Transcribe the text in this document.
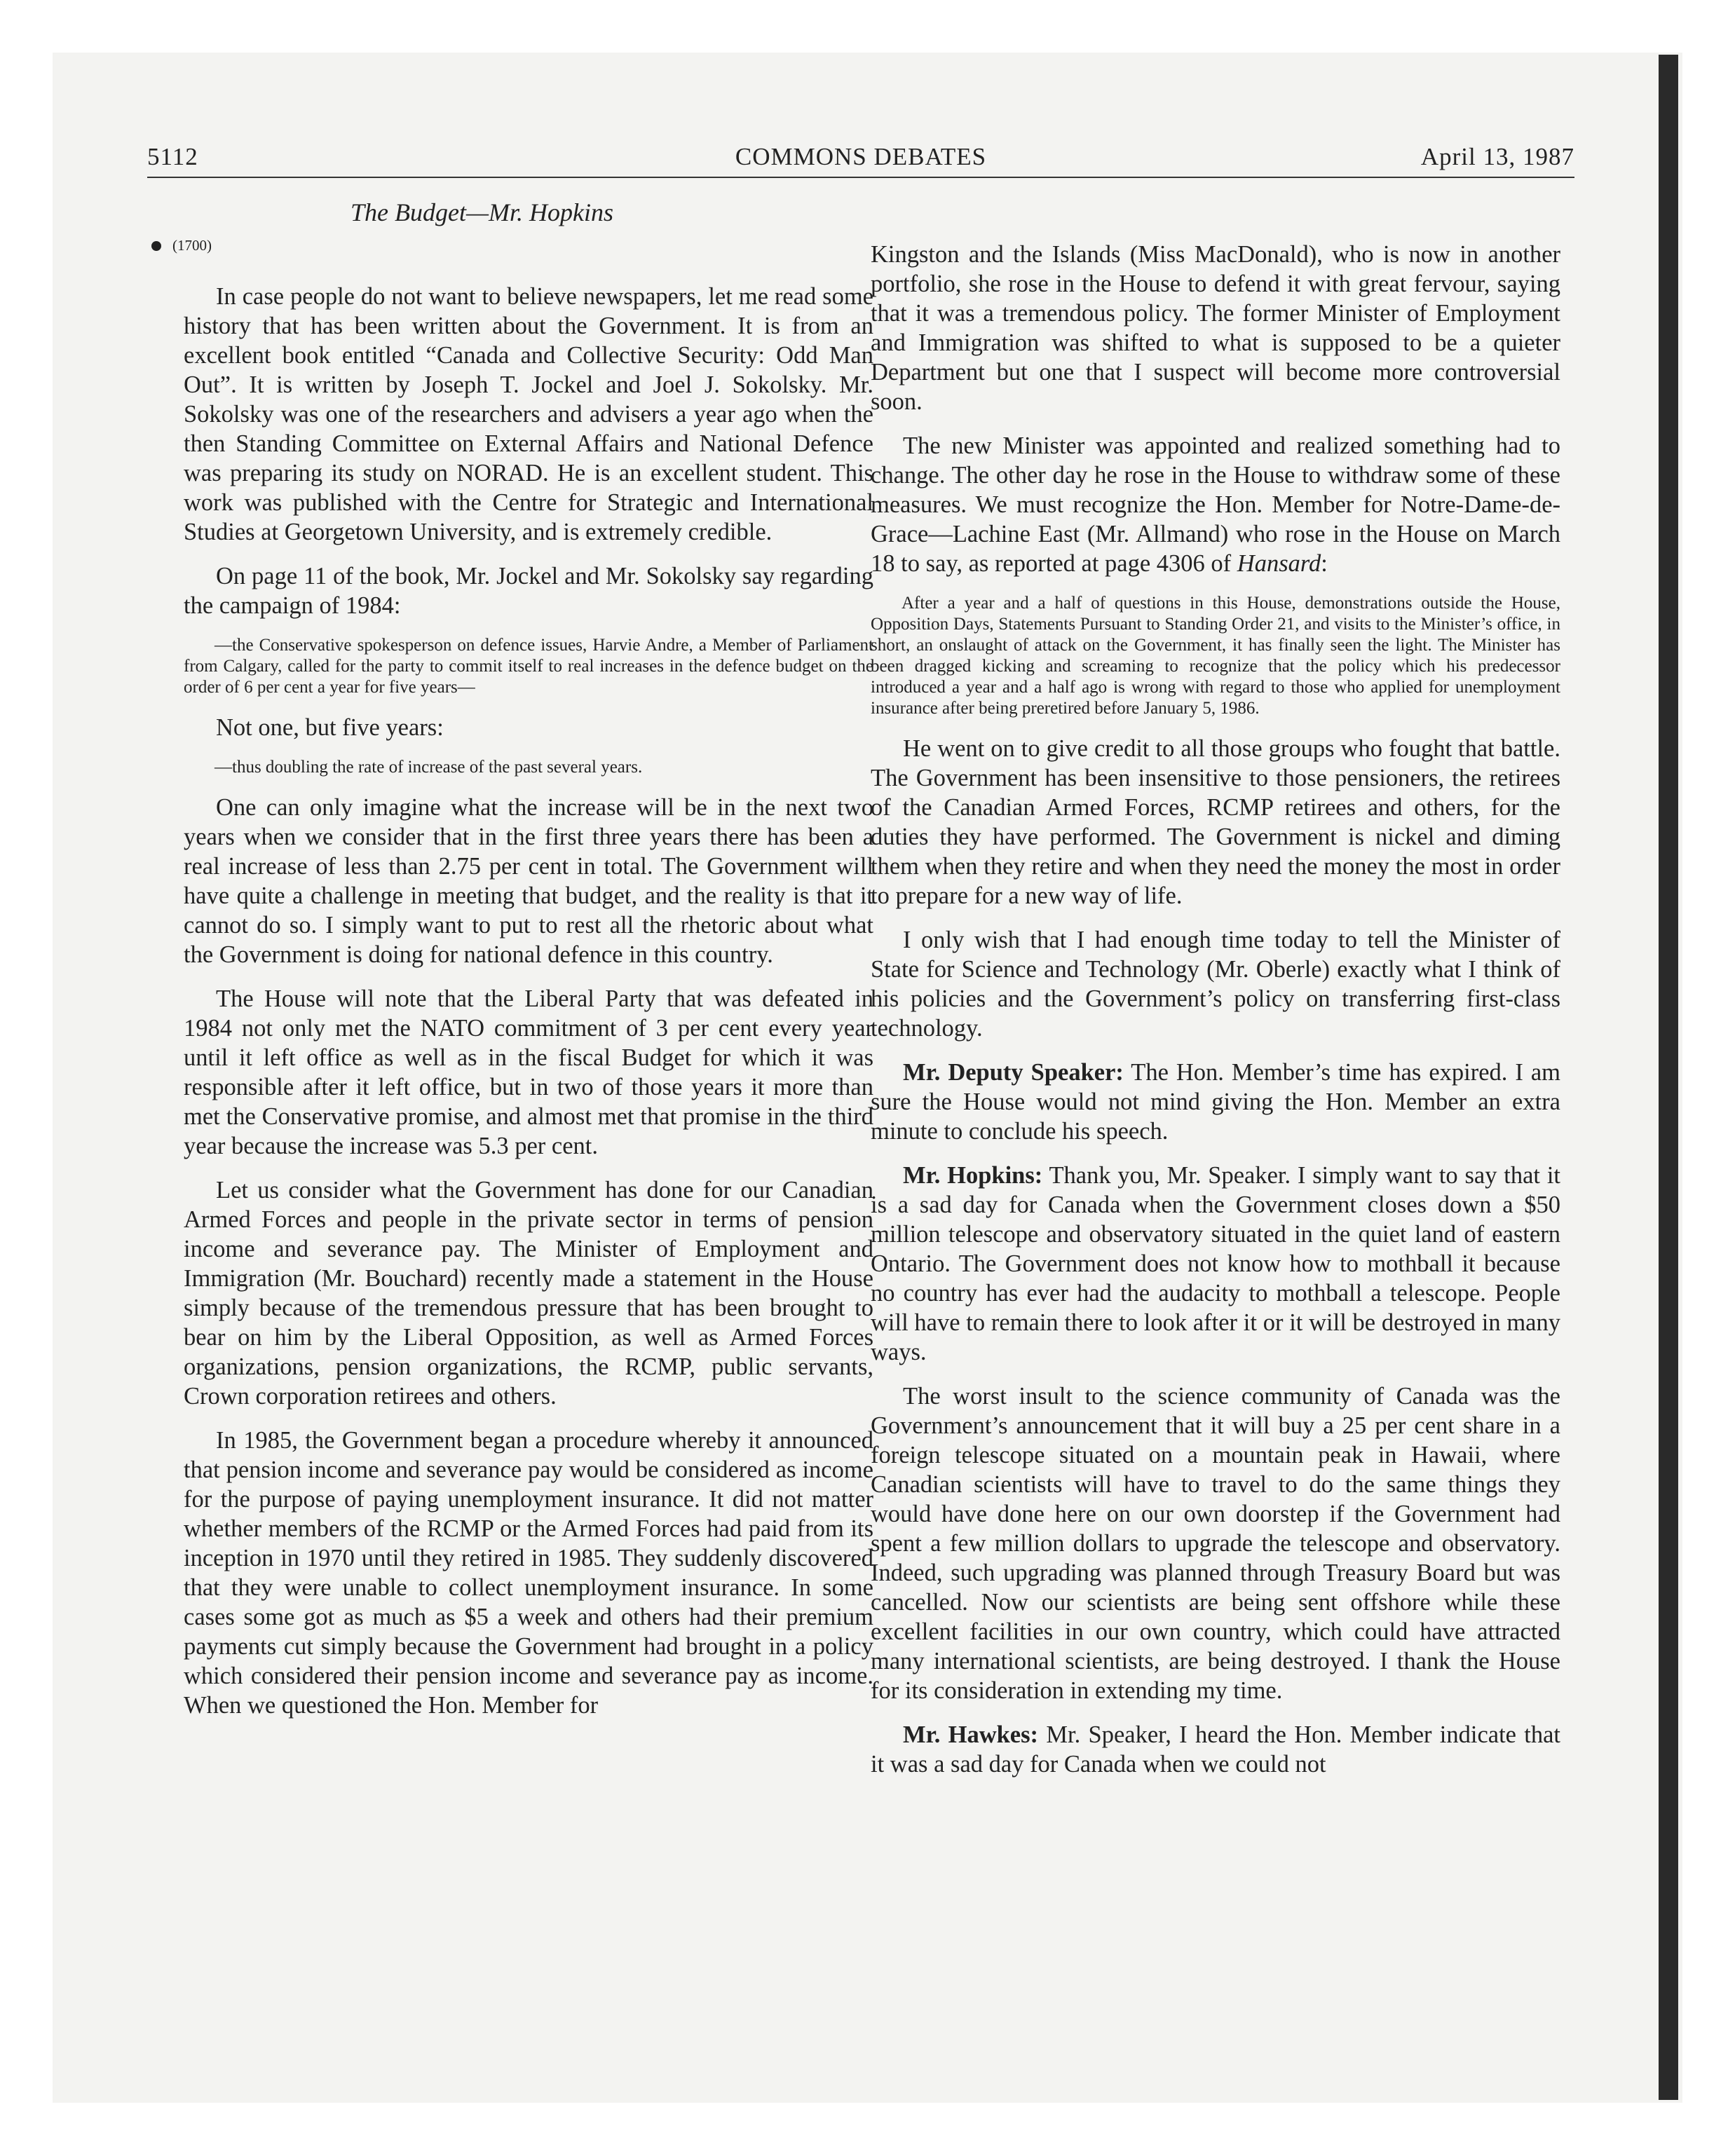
5112	COMMONS DEBATES	April 13, 1987
The Budget—Mr. Hopkins
(1700)

In case people do not want to believe newspapers, let me read some history that has been written about the Government. It is from an excellent book entitled “Canada and Collective Security: Odd Man Out”. It is written by Joseph T. Jockel and Joel J. Sokolsky. Mr. Sokolsky was one of the researchers and advisers a year ago when the then Standing Committee on External Affairs and National Defence was preparing its study on NORAD. He is an excellent student. This work was published with the Centre for Strategic and International Studies at Georgetown University, and is extremely credible.

On page 11 of the book, Mr. Jockel and Mr. Sokolsky say regarding the campaign of 1984:

—the Conservative spokesperson on defence issues, Harvie Andre, a Member of Parliament from Calgary, called for the party to commit itself to real increases in the defence budget on the order of 6 per cent a year for five years—

Not one, but five years:

—thus doubling the rate of increase of the past several years.

One can only imagine what the increase will be in the next two years when we consider that in the first three years there has been a real increase of less than 2.75 per cent in total. The Government will have quite a challenge in meeting that budget, and the reality is that it cannot do so. I simply want to put to rest all the rhetoric about what the Government is doing for national defence in this country.

The House will note that the Liberal Party that was defeated in 1984 not only met the NATO commitment of 3 per cent every year until it left office as well as in the fiscal Budget for which it was responsible after it left office, but in two of those years it more than met the Conservative promise, and almost met that promise in the third year because the increase was 5.3 per cent.

Let us consider what the Government has done for our Canadian Armed Forces and people in the private sector in terms of pension income and severance pay. The Minister of Employment and Immigration (Mr. Bouchard) recently made a statement in the House simply because of the tremendous pressure that has been brought to bear on him by the Liberal Opposition, as well as Armed Forces organizations, pension organizations, the RCMP, public servants, Crown corporation retirees and others.

In 1985, the Government began a procedure whereby it announced that pension income and severance pay would be considered as income for the purpose of paying unemployment insurance. It did not matter whether members of the RCMP or the Armed Forces had paid from its inception in 1970 until they retired in 1985. They suddenly discovered that they were unable to collect unemployment insurance. In some cases some got as much as $5 a week and others had their premium payments cut simply because the Government had brought in a policy which considered their pension income and severance pay as income. When we questioned the Hon. Member for

Kingston and the Islands (Miss MacDonald), who is now in another portfolio, she rose in the House to defend it with great fervour, saying that it was a tremendous policy. The former Minister of Employment and Immigration was shifted to what is supposed to be a quieter Department but one that I suspect will become more controversial soon.

The new Minister was appointed and realized something had to change. The other day he rose in the House to withdraw some of these measures. We must recognize the Hon. Member for Notre-Dame-de-Grace—Lachine East (Mr. Allmand) who rose in the House on March 18 to say, as reported at page 4306 of Hansard:

After a year and a half of questions in this House, demonstrations outside the House, Opposition Days, Statements Pursuant to Standing Order 21, and visits to the Minister’s office, in short, an onslaught of attack on the Government, it has finally seen the light. The Minister has been dragged kicking and screaming to recognize that the policy which his predecessor introduced a year and a half ago is wrong with regard to those who applied for unemployment insurance after being preretired before January 5, 1986.

He went on to give credit to all those groups who fought that battle. The Government has been insensitive to those pensioners, the retirees of the Canadian Armed Forces, RCMP retirees and others, for the duties they have performed. The Government is nickel and diming them when they retire and when they need the money the most in order to prepare for a new way of life.

I only wish that I had enough time today to tell the Minister of State for Science and Technology (Mr. Oberle) exactly what I think of his policies and the Government’s policy on transferring first-class technology.

Mr. Deputy Speaker: The Hon. Member’s time has expired. I am sure the House would not mind giving the Hon. Member an extra minute to conclude his speech.

Mr. Hopkins: Thank you, Mr. Speaker. I simply want to say that it is a sad day for Canada when the Government closes down a $50 million telescope and observatory situated in the quiet land of eastern Ontario. The Government does not know how to mothball it because no country has ever had the audacity to mothball a telescope. People will have to remain there to look after it or it will be destroyed in many ways.

The worst insult to the science community of Canada was the Government’s announcement that it will buy a 25 per cent share in a foreign telescope situated on a mountain peak in Hawaii, where Canadian scientists will have to travel to do the same things they would have done here on our own doorstep if the Government had spent a few million dollars to upgrade the telescope and observatory. Indeed, such upgrading was planned through Treasury Board but was cancelled. Now our scientists are being sent offshore while these excellent facilities in our own country, which could have attracted many international scientists, are being destroyed. I thank the House for its consideration in extending my time.

Mr. Hawkes: Mr. Speaker, I heard the Hon. Member indicate that it was a sad day for Canada when we could not
